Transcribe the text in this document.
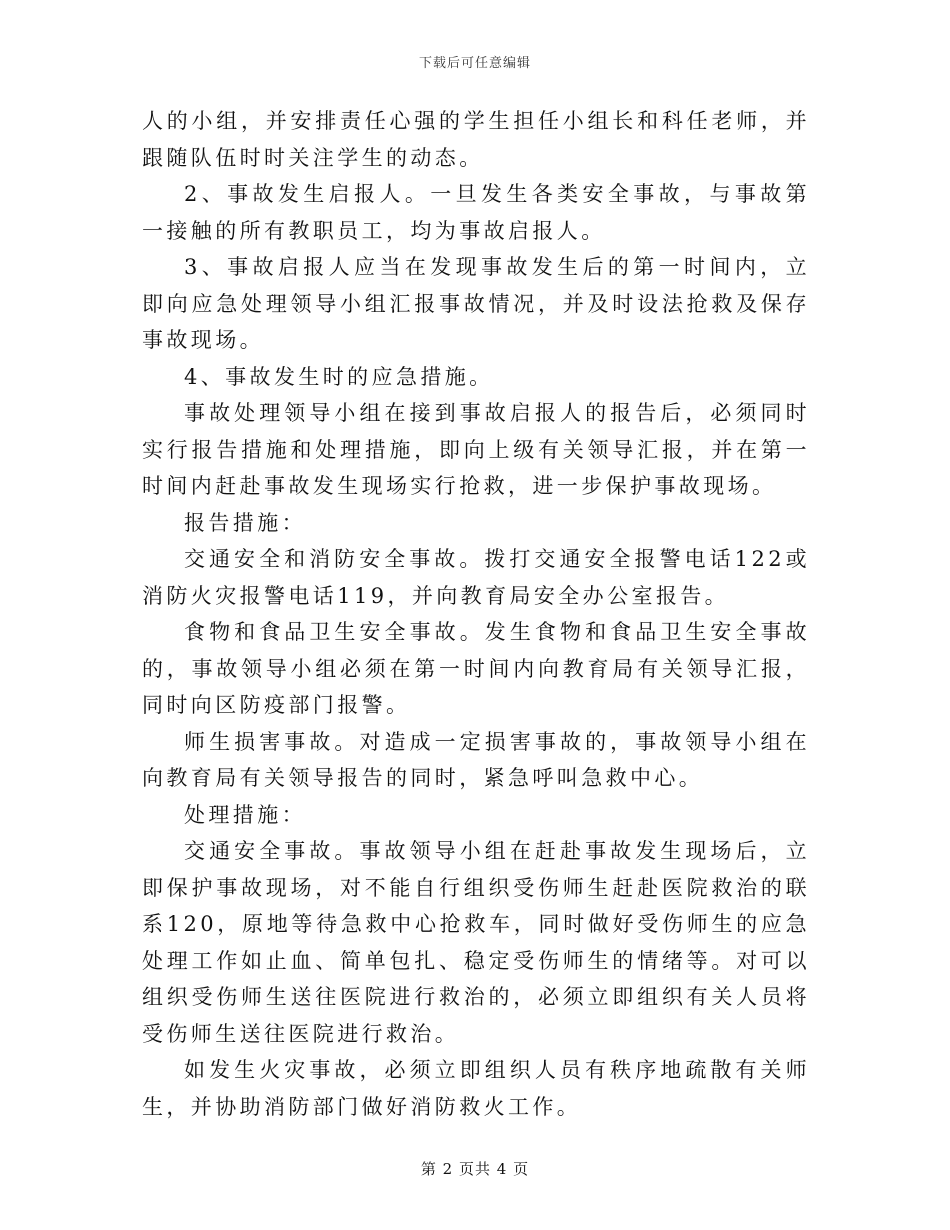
下载后可任意编辑

人的小组，并安排责任心强的学生担任小组长和科任老师，并跟随队伍时时关注学生的动态。

2、事故发生启报人。一旦发生各类安全事故，与事故第一接触的所有教职员工，均为事故启报人。

3、事故启报人应当在发现事故发生后的第一时间内，立即向应急处理领导小组汇报事故情况，并及时设法抢救及保存事故现场。

4、事故发生时的应急措施。

事故处理领导小组在接到事故启报人的报告后，必须同时实行报告措施和处理措施，即向上级有关领导汇报，并在第一时间内赶赴事故发生现场实行抢救，进一步保护事故现场。

报告措施：

交通安全和消防安全事故。拨打交通安全报警电话122或消防火灾报警电话119，并向教育局安全办公室报告。

食物和食品卫生安全事故。发生食物和食品卫生安全事故的，事故领导小组必须在第一时间内向教育局有关领导汇报，同时向区防疫部门报警。

师生损害事故。对造成一定损害事故的，事故领导小组在向教育局有关领导报告的同时，紧急呼叫急救中心。

处理措施：

交通安全事故。事故领导小组在赶赴事故发生现场后，立即保护事故现场，对不能自行组织受伤师生赶赴医院救治的联系120，原地等待急救中心抢救车，同时做好受伤师生的应急处理工作如止血、简单包扎、稳定受伤师生的情绪等。对可以组织受伤师生送往医院进行救治的，必须立即组织有关人员将受伤师生送往医院进行救治。

如发生火灾事故，必须立即组织人员有秩序地疏散有关师生，并协助消防部门做好消防救火工作。

第 2 页共 4 页
